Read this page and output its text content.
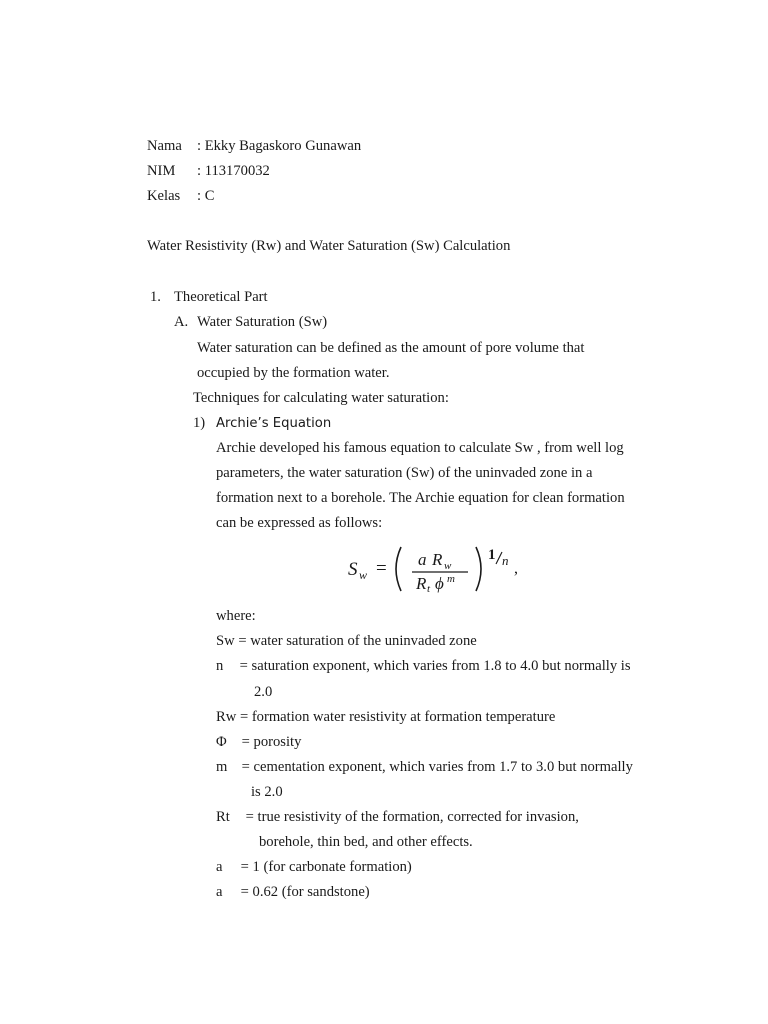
Nama : Ekky Bagaskoro Gunawan
NIM : 113170032
Kelas : C
Water Resistivity (Rw) and Water Saturation (Sw) Calculation
1. Theoretical Part
A. Water Saturation (Sw)
Water saturation can be defined as the amount of pore volume that
occupied by the formation water.
Techniques for calculating water saturation:
1) Archie’s Equation
Archie developed his famous equation to calculate Sw , from well log
parameters, the water saturation (Sw) of the uninvaded zone in a
formation next to a borehole. The Archie equation for clean formation
can be expressed as follows:
S w = a R w
R t ϕ m
1 n ,
where:
Sw = water saturation of the uninvaded zone
n = saturation exponent, which varies from 1.8 to 4.0 but normally is
2.0
Rw = formation water resistivity at formation temperature
Φ = porosity
m = cementation exponent, which varies from 1.7 to 3.0 but normally
is 2.0
Rt = true resistivity of the formation, corrected for invasion,
borehole, thin bed, and other effects.
a = 1 (for carbonate formation)
a = 0.62 (for sandstone)
